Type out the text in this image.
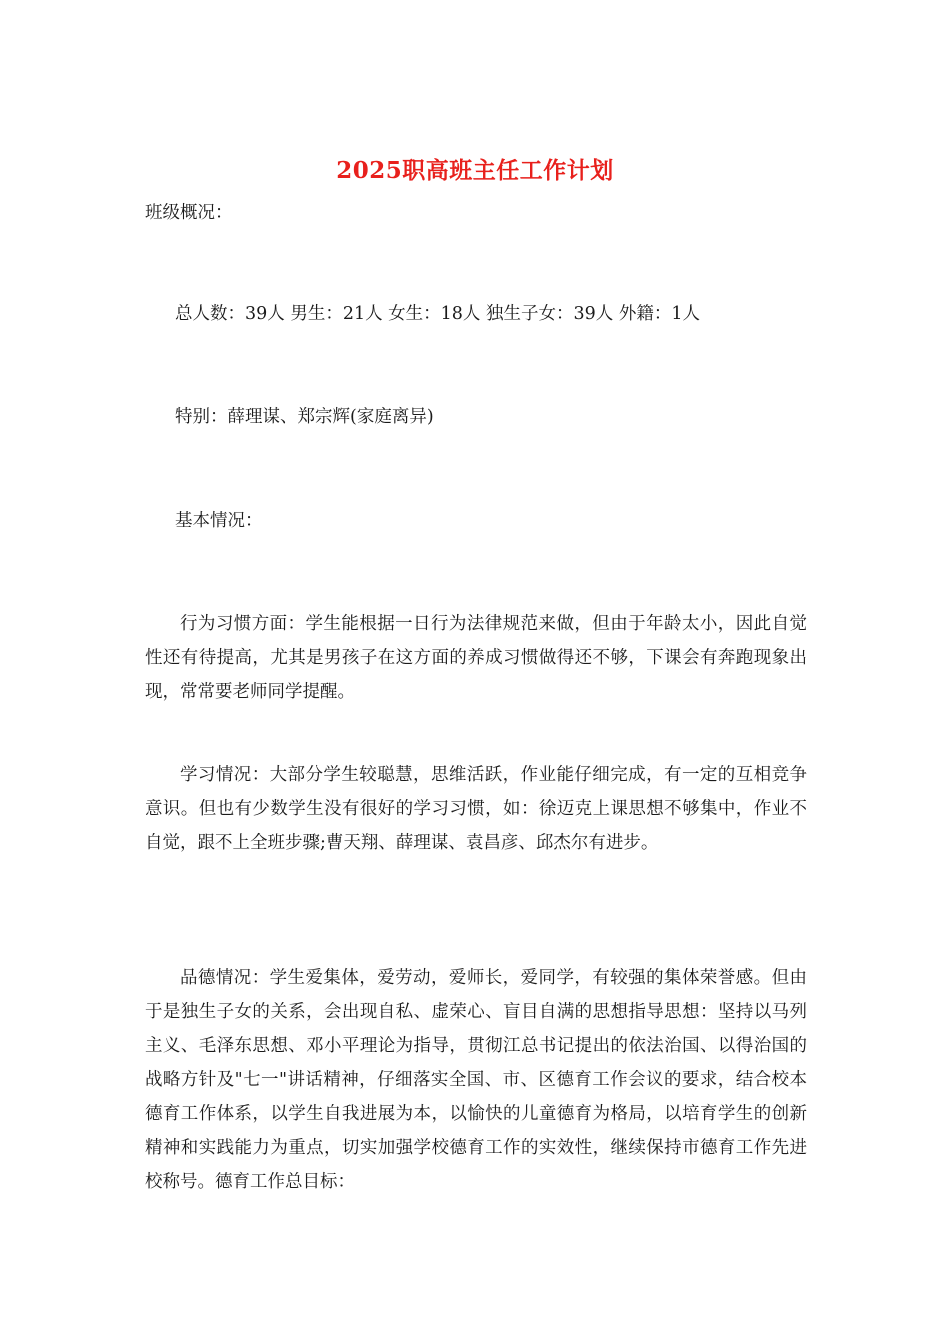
2025职高班主任工作计划
班级概况：
总人数：39人 男生：21人 女生：18人 独生子女：39人 外籍：1人
特别：薛理谋、郑宗辉(家庭离异)
基本情况：
行为习惯方面：学生能根据一日行为法律规范来做，但由于年龄太小，因此自觉性还有待提高，尤其是男孩子在这方面的养成习惯做得还不够，下课会有奔跑现象出现，常常要老师同学提醒。
学习情况：大部分学生较聪慧，思维活跃，作业能仔细完成，有一定的互相竞争意识。但也有少数学生没有很好的学习习惯，如：徐迈克上课思想不够集中，作业不自觉，跟不上全班步骤;曹天翔、薛理谋、袁昌彦、邱杰尔有进步。
品德情况：学生爱集体，爱劳动，爱师长，爱同学，有较强的集体荣誉感。但由于是独生子女的关系，会出现自私、虚荣心、盲目自满的思想指导思想：坚持以马列主义、毛泽东思想、邓小平理论为指导，贯彻江总书记提出的依法治国、以得治国的战略方针及"七一"讲话精神，仔细落实全国、市、区德育工作会议的要求，结合校本德育工作体系，以学生自我进展为本，以愉快的儿童德育为格局，以培育学生的创新精神和实践能力为重点，切实加强学校德育工作的实效性，继续保持市德育工作先进校称号。德育工作总目标：
